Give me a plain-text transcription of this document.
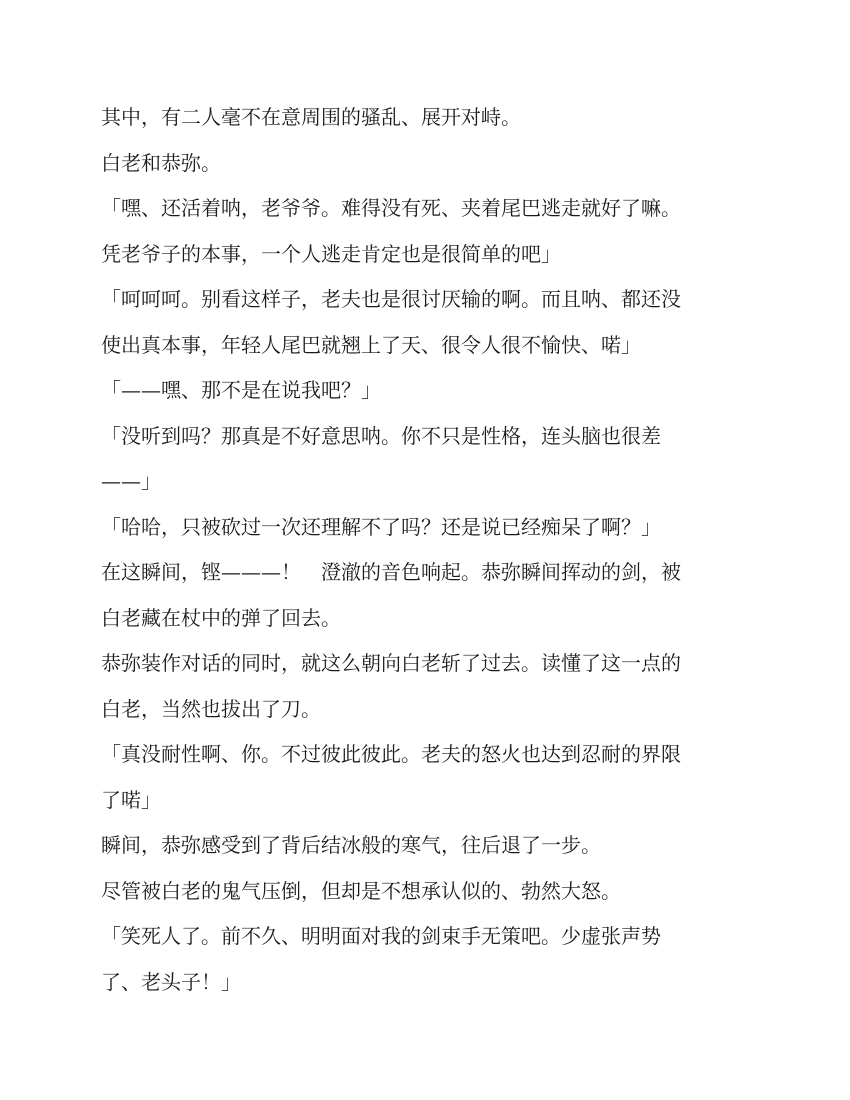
其中，有二人毫不在意周围的骚乱、展开对峙。

白老和恭弥。

「嘿、还活着呐，老爷爷。难得没有死、夹着尾巴逃走就好了嘛。

凭老爷子的本事，一个人逃走肯定也是很简单的吧」

「呵呵呵。别看这样子，老夫也是很讨厌输的啊。而且呐、都还没

使出真本事，年轻人尾巴就翘上了天、很令人很不愉快、喏」

「——嘿、那不是在说我吧？」

「没听到吗？那真是不好意思呐。你不只是性格，连头脑也很差

——」

「哈哈，只被砍过一次还理解不了吗？还是说已经痴呆了啊？」

在这瞬间，铿———！　澄澈的音色响起。恭弥瞬间挥动的剑，被

白老藏在杖中的弹了回去。

恭弥装作对话的同时，就这么朝向白老斩了过去。读懂了这一点的

白老，当然也拔出了刀。

「真没耐性啊、你。不过彼此彼此。老夫的怒火也达到忍耐的界限

了喏」

瞬间，恭弥感受到了背后结冰般的寒气，往后退了一步。

尽管被白老的鬼气压倒，但却是不想承认似的、勃然大怒。

「笑死人了。前不久、明明面对我的剑束手无策吧。少虚张声势

了、老头子！」
